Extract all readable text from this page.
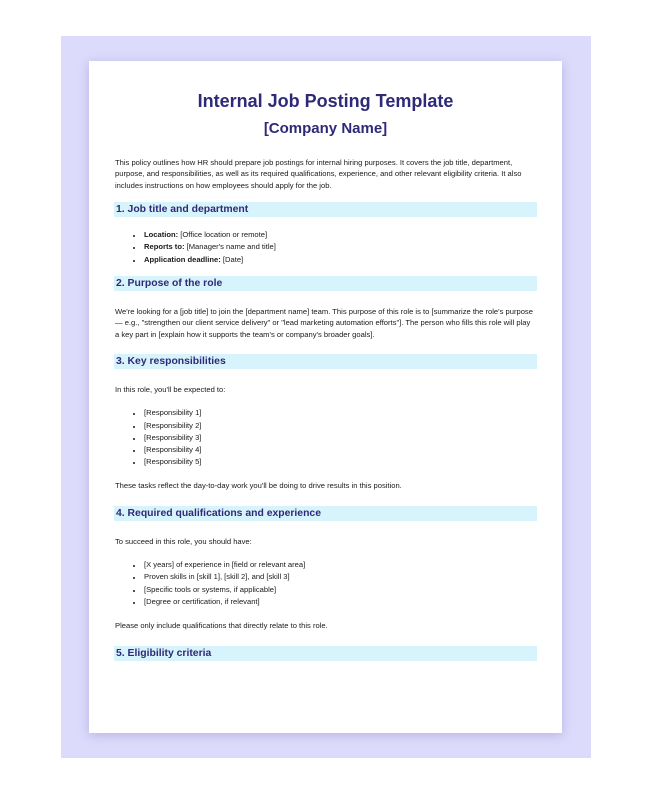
Internal Job Posting Template
[Company Name]

This policy outlines how HR should prepare job postings for internal hiring purposes. It covers the job title, department, purpose, and responsibilities, as well as its required qualifications, experience, and other relevant eligibility criteria. It also includes instructions on how employees should apply for the job.

1. Job title and department
• Location: [Office location or remote]
• Reports to: [Manager's name and title]
• Application deadline: [Date]
2. Purpose of the role

We're looking for a [job title] to join the [department name] team. This purpose of this role is to [summarize the role's purpose — e.g., "strengthen our client service delivery" or "lead marketing automation efforts"]. The person who fills this role will play a key part in [explain how it supports the team's or company's broader goals].

3. Key responsibilities

In this role, you'll be expected to:

• [Responsibility 1]
• [Responsibility 2]
• [Responsibility 3]
• [Responsibility 4]
• [Responsibility 5]

These tasks reflect the day-to-day work you'll be doing to drive results in this position.

4. Required qualifications and experience

To succeed in this role, you should have:

• [X years] of experience in [field or relevant area]
• Proven skills in [skill 1], [skill 2], and [skill 3]
• [Specific tools or systems, if applicable]
• [Degree or certification, if relevant]

Please only include qualifications that directly relate to this role.

5. Eligibility criteria
